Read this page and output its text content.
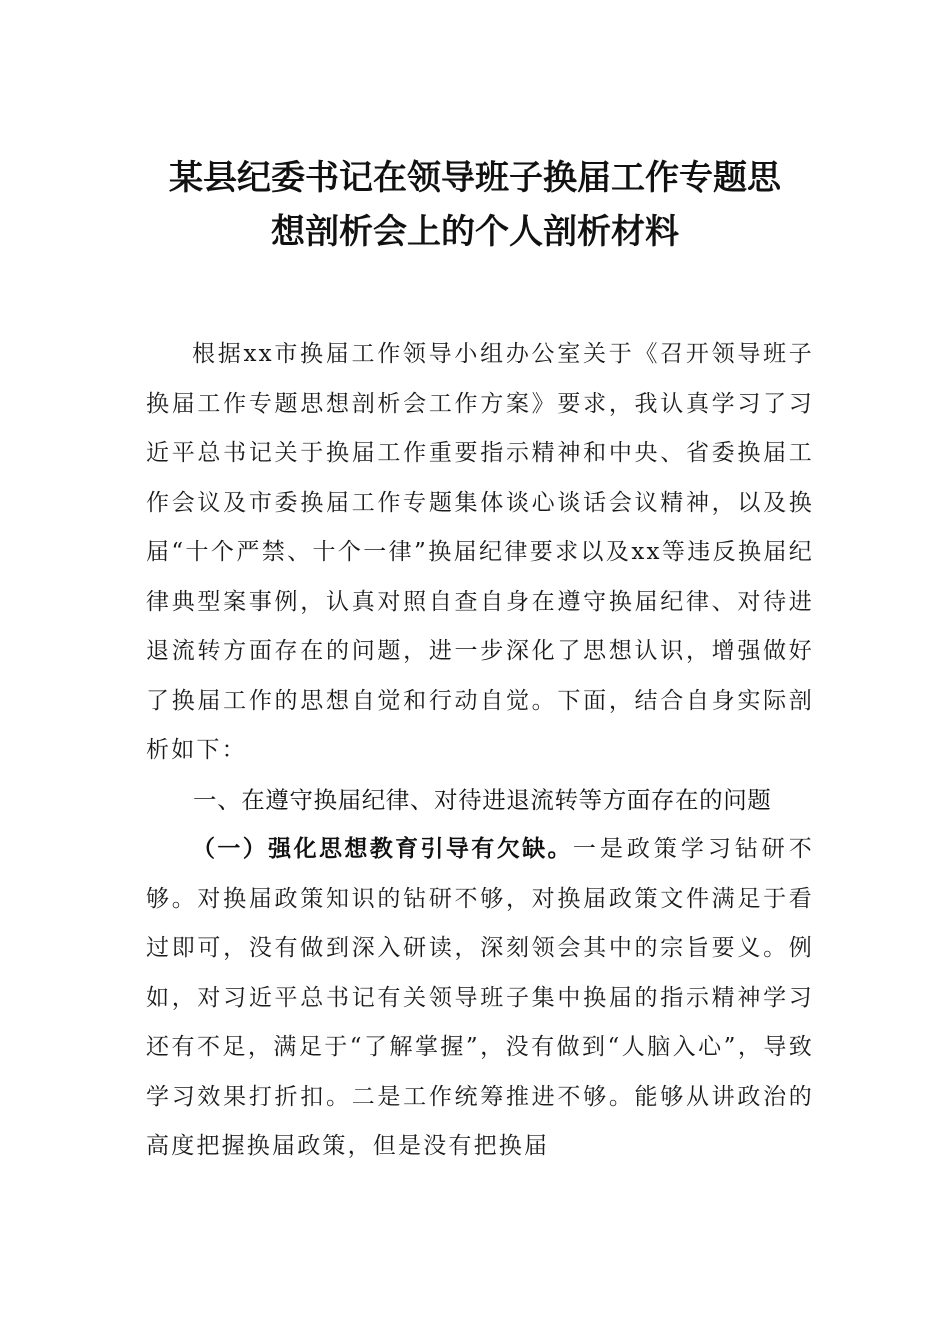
某县纪委书记在领导班子换届工作专题思
想剖析会上的个人剖析材料

根据xx市换届工作领导小组办公室关于《召开领导班子换届工作专题思想剖析会工作方案》要求，我认真学习了习近平总书记关于换届工作重要指示精神和中央、省委换届工作会议及市委换届工作专题集体谈心谈话会议精神，以及换届“十个严禁、十个一律”换届纪律要求以及xx等违反换届纪律典型案事例，认真对照自查自身在遵守换届纪律、对待进退流转方面存在的问题，进一步深化了思想认识，增强做好了换届工作的思想自觉和行动自觉。下面，结合自身实际剖析如下：

一、在遵守换届纪律、对待进退流转等方面存在的问题

（一）强化思想教育引导有欠缺。一是政策学习钻研不够。对换届政策知识的钻研不够，对换届政策文件满足于看过即可，没有做到深入研读，深刻领会其中的宗旨要义。例如，对习近平总书记有关领导班子集中换届的指示精神学习还有不足，满足于“了解掌握”，没有做到“人脑入心”，导致学习效果打折扣。二是工作统筹推进不够。能够从讲政治的高度把握换届政策，但是没有把换届
